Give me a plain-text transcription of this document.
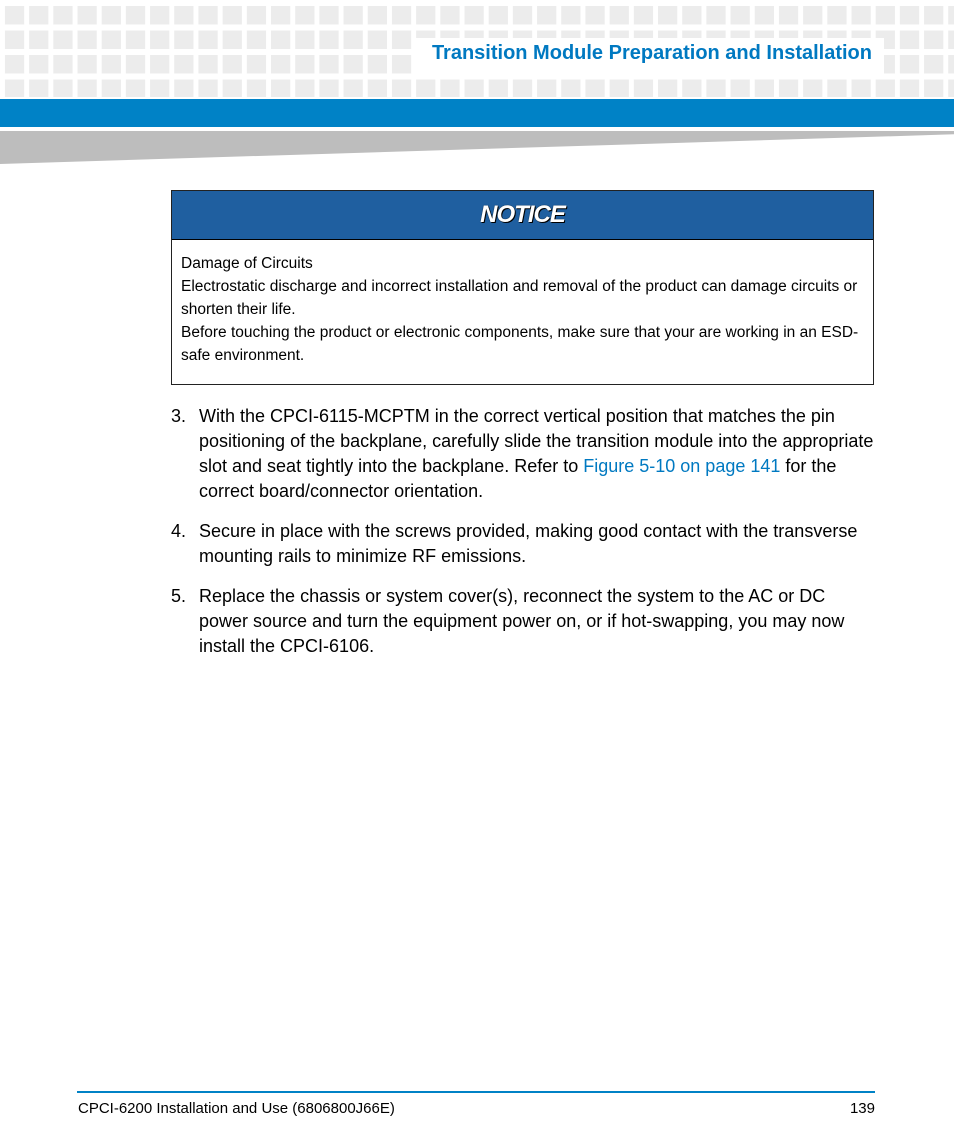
Transition Module Preparation and Installation
NOTICE

Damage of Circuits

Electrostatic discharge and incorrect installation and removal of the product can damage circuits or shorten their life.

Before touching the product or electronic components, make sure that your are working in an ESD-safe environment.

3. With the CPCI-6115-MCPTM in the correct vertical position that matches the pin positioning of the backplane, carefully slide the transition module into the appropriate slot and seat tightly into the backplane. Refer to Figure 5-10 on page 141 for the correct board/connector orientation.
4. Secure in place with the screws provided, making good contact with the transverse mounting rails to minimize RF emissions.
5. Replace the chassis or system cover(s), reconnect the system to the AC or DC power source and turn the equipment power on, or if hot-swapping, you may now install the CPCI-6106.
CPCI-6200 Installation and Use (6806800J66E)	139
